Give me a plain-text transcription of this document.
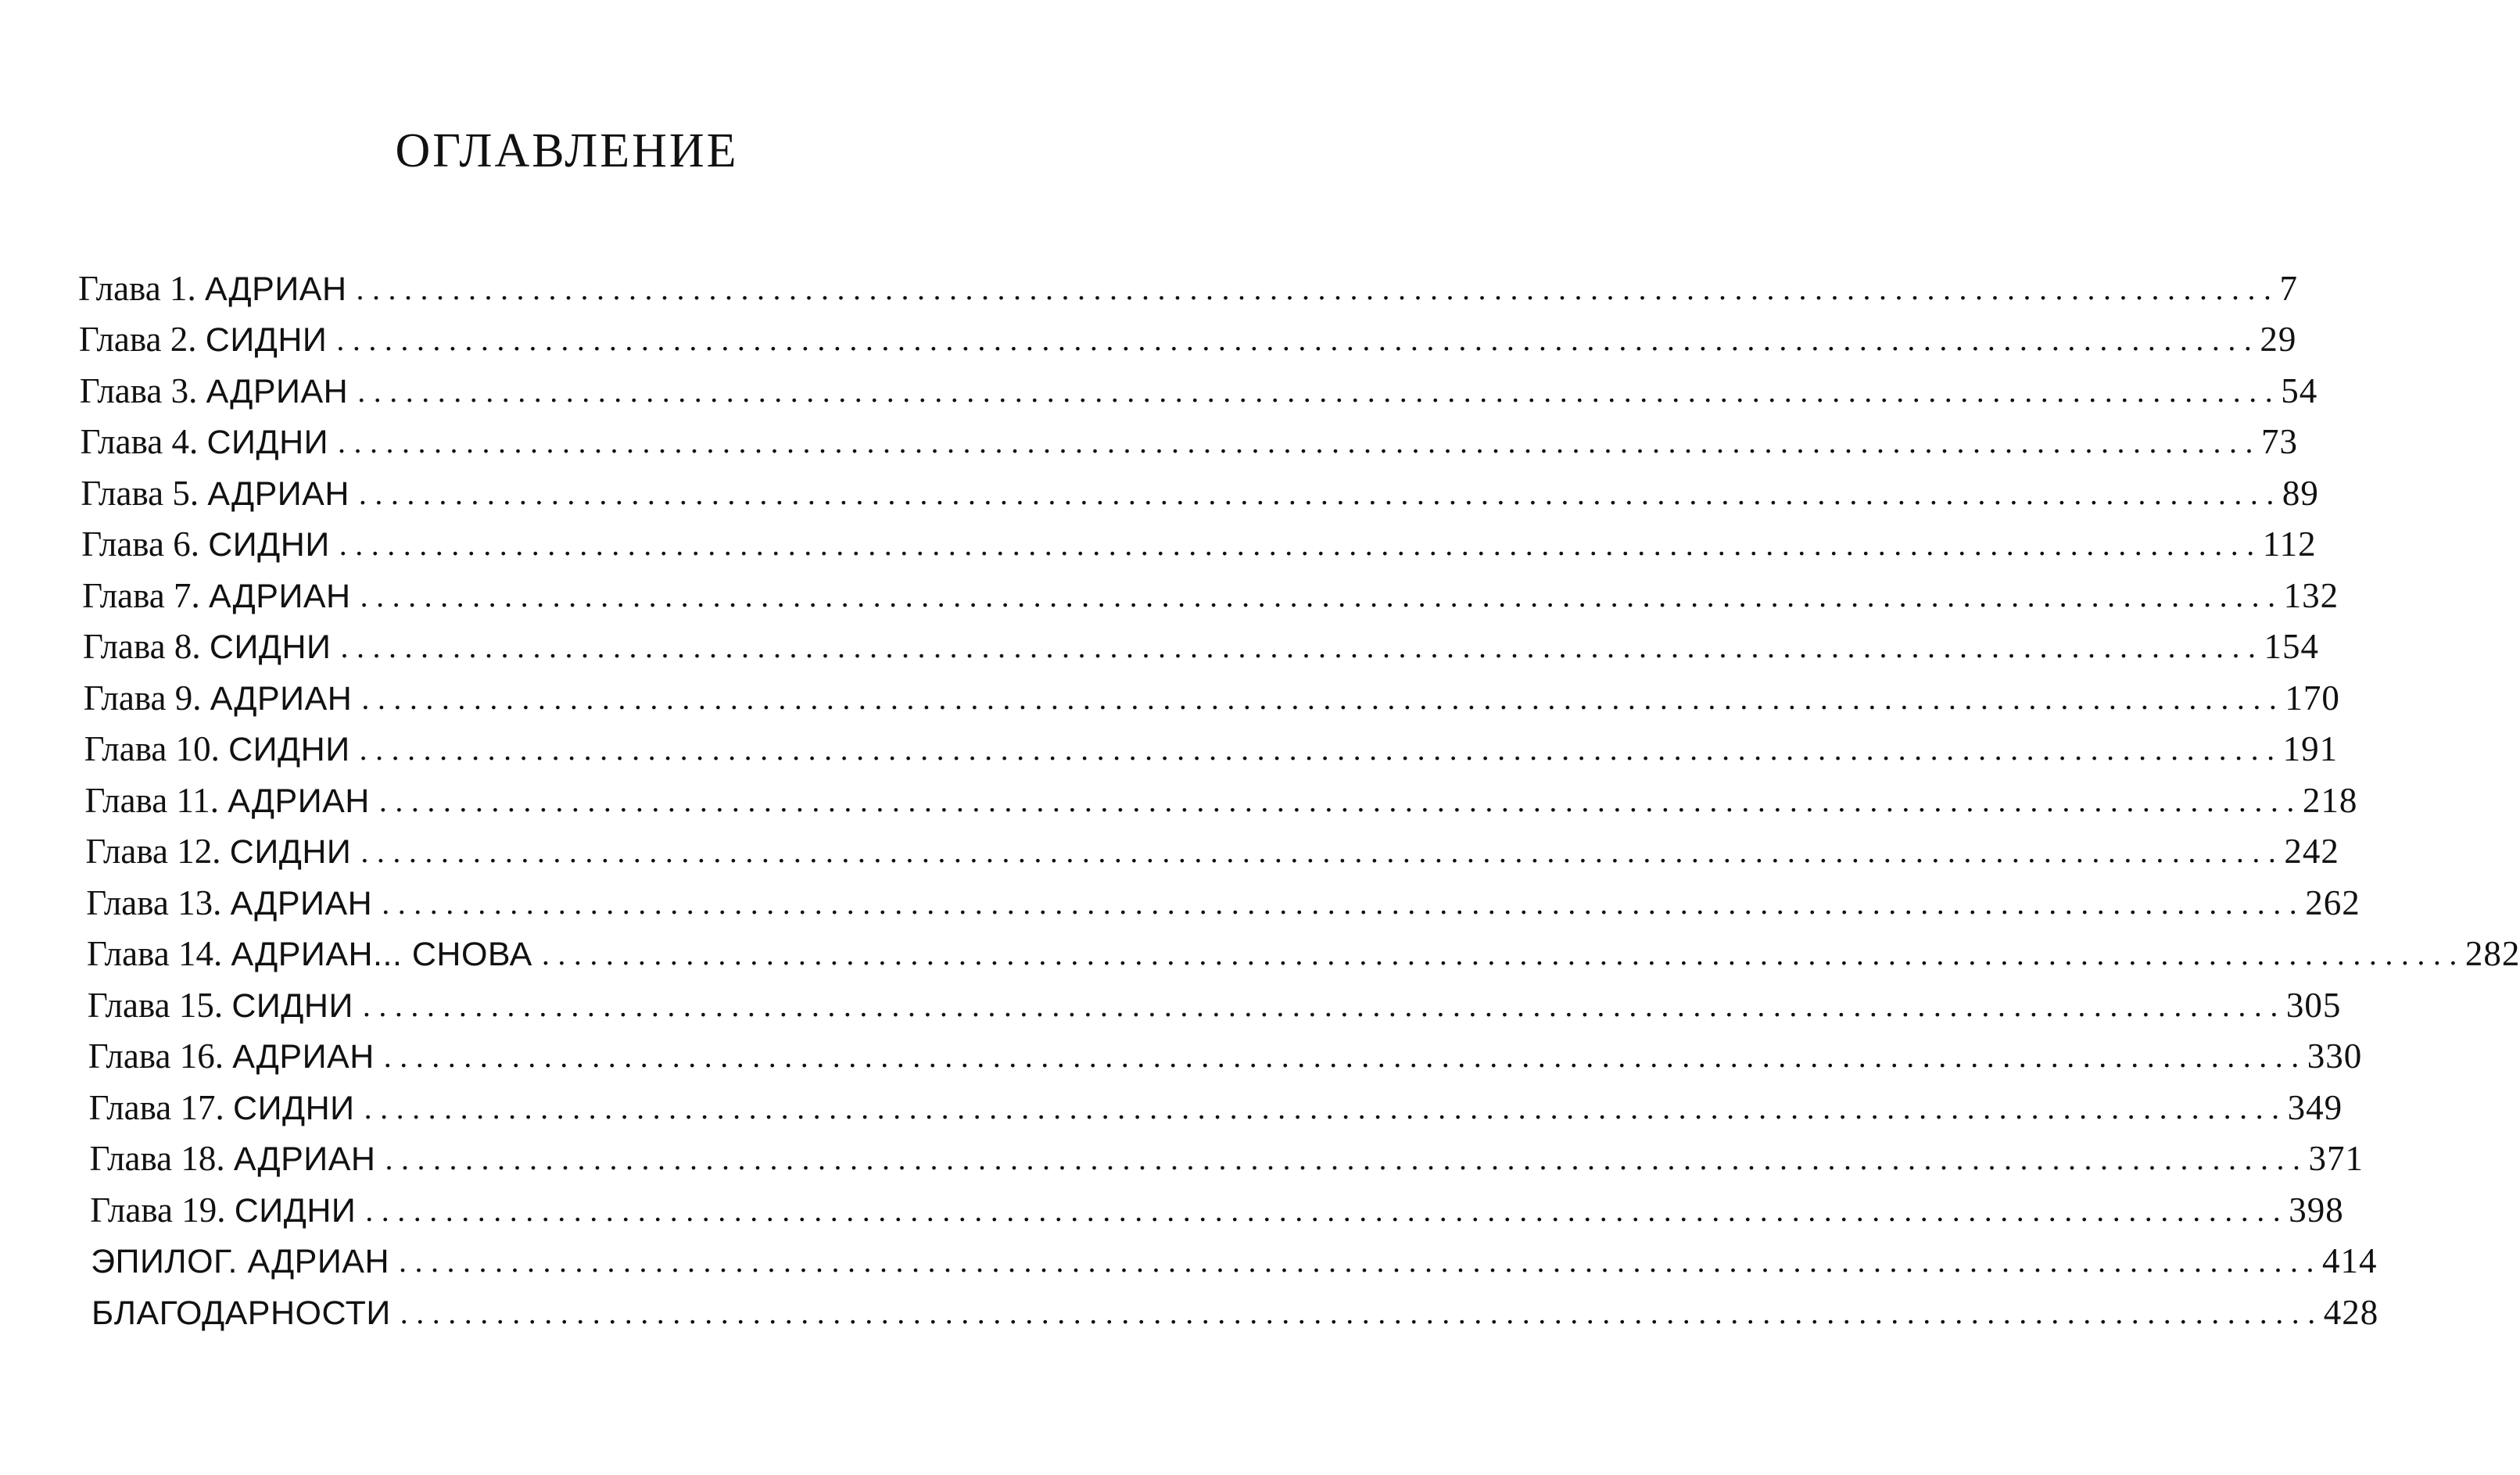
ОГЛАВЛЕНИЕ
Глава 1. АДРИАН ........................................................................................................................ 7
Глава 2. СИДНИ ........................................................................................................................ 29
Глава 3. АДРИАН ........................................................................................................................ 54
Глава 4. СИДНИ ........................................................................................................................ 73
Глава 5. АДРИАН ........................................................................................................................ 89
Глава 6. СИДНИ ........................................................................................................................ 112
Глава 7. АДРИАН ........................................................................................................................ 132
Глава 8. СИДНИ ........................................................................................................................ 154
Глава 9. АДРИАН ........................................................................................................................ 170
Глава 10. СИДНИ ........................................................................................................................ 191
Глава 11. АДРИАН ........................................................................................................................ 218
Глава 12. СИДНИ ........................................................................................................................ 242
Глава 13. АДРИАН ........................................................................................................................ 262
Глава 14. АДРИАН... СНОВА ........................................................................................................................ 282
Глава 15. СИДНИ ........................................................................................................................ 305
Глава 16. АДРИАН ........................................................................................................................ 330
Глава 17. СИДНИ ........................................................................................................................ 349
Глава 18. АДРИАН ........................................................................................................................ 371
Глава 19. СИДНИ ........................................................................................................................ 398
ЭПИЛОГ. АДРИАН ........................................................................................................................ 414
БЛАГОДАРНОСТИ ........................................................................................................................ 428
